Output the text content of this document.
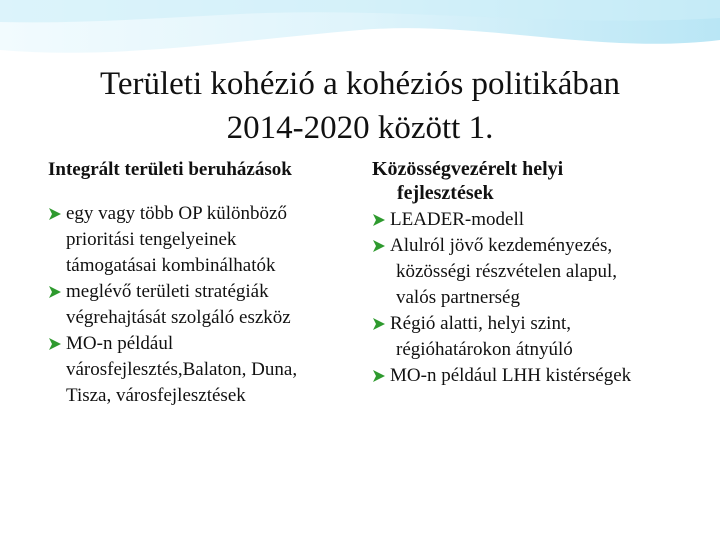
Területi kohézió a kohéziós politikában
2014-2020 között 1.
Integrált területi beruházások
egy vagy több OP különböző
prioritási tengelyeinek
támogatásai kombinálhatók
meglévő területi stratégiák
végrehajtását szolgáló eszköz
MO-n például
városfejlesztés,Balaton, Duna,
Tisza, városfejlesztések
Közösségvezérelt helyi
fejlesztések
LEADER-modell
Alulról jövő kezdeményezés,
közösségi részvételen alapul,
valós partnerség
Régió alatti, helyi szint,
régióhatárokon átnyúló
MO-n például LHH kistérségek
